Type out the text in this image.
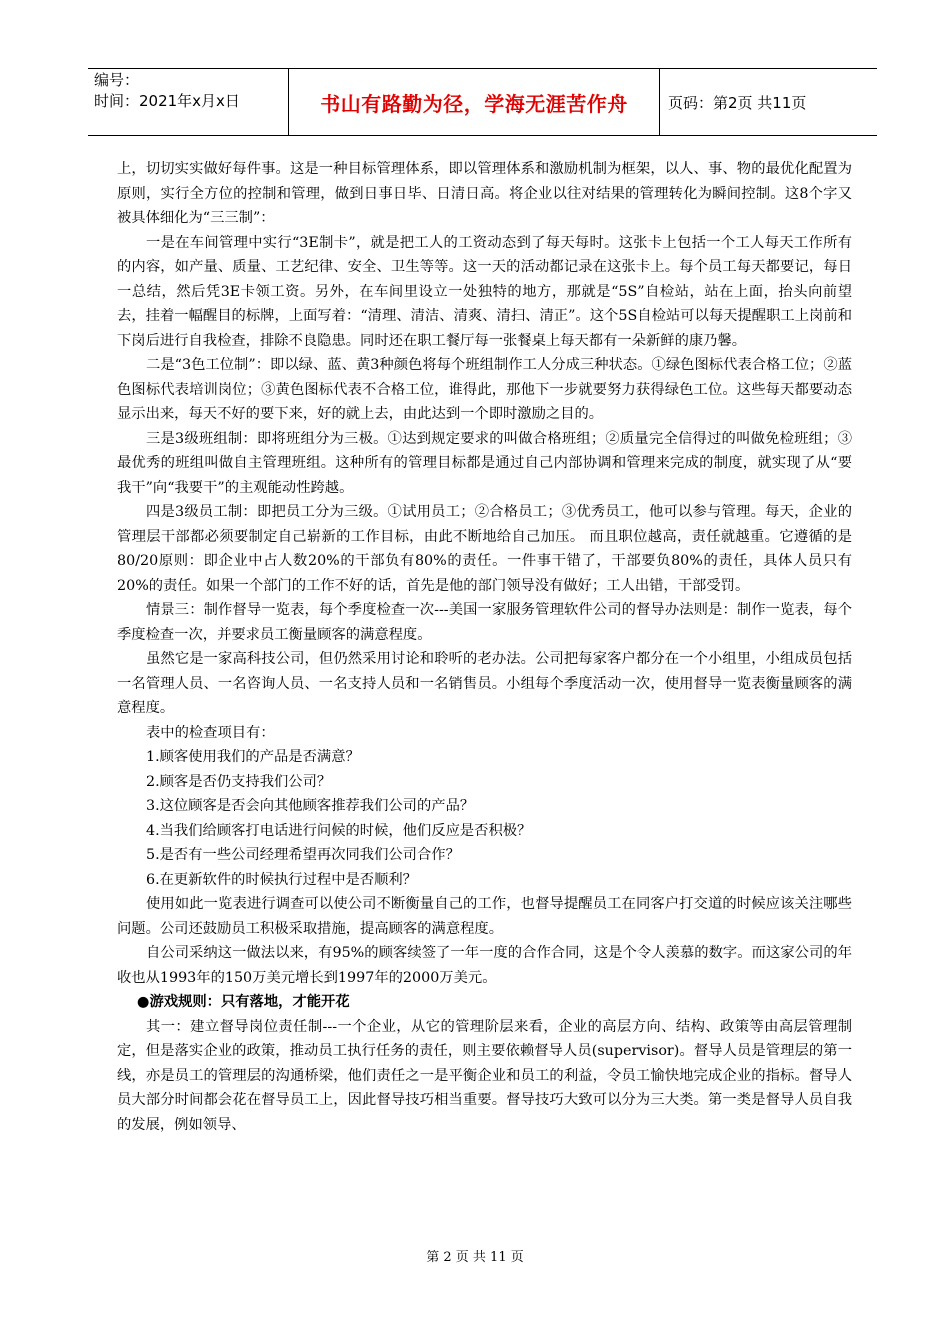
编号：
时间：2021年x月x日	书山有路勤为径，学海无涯苦作舟	页码：第2页 共11页

上，切切实实做好每件事。这是一种目标管理体系，即以管理体系和激励机制为框架，以人、事、物的最优化配置为原则，实行全方位的控制和管理，做到日事日毕、日清日高。将企业以往对结果的管理转化为瞬间控制。这8个字又被具体细化为“三三制”：

一是在车间管理中实行“3E制卡”，就是把工人的工资动态到了每天每时。这张卡上包括一个工人每天工作所有的内容，如产量、质量、工艺纪律、安全、卫生等等。这一天的活动都记录在这张卡上。每个员工每天都要记，每日一总结，然后凭3E卡领工资。另外，在车间里设立一处独特的地方，那就是“5S”自检站，站在上面，抬头向前望去，挂着一幅醒目的标牌，上面写着：“清理、清洁、清爽、清扫、清正”。这个5S自检站可以每天提醒职工上岗前和下岗后进行自我检查，排除不良隐患。同时还在职工餐厅每一张餐桌上每天都有一朵新鲜的康乃馨。

二是“3色工位制”：即以绿、蓝、黄3种颜色将每个班组制作工人分成三种状态。①绿色图标代表合格工位；②蓝色图标代表培训岗位；③黄色图标代表不合格工位，谁得此，那他下一步就要努力获得绿色工位。这些每天都要动态显示出来，每天不好的要下来，好的就上去，由此达到一个即时激励之目的。

三是3级班组制：即将班组分为三极。①达到规定要求的叫做合格班组；②质量完全信得过的叫做免检班组；③最优秀的班组叫做自主管理班组。这种所有的管理目标都是通过自己内部协调和管理来完成的制度，就实现了从“要我干”向“我要干”的主观能动性跨越。

四是3级员工制：即把员工分为三级。①试用员工；②合格员工；③优秀员工，他可以参与管理。每天，企业的管理层干部都必须要制定自己崭新的工作目标，由此不断地给自己加压。 而且职位越高，责任就越重。它遵循的是80/20原则：即企业中占人数20%的干部负有80%的责任。一件事干错了，干部要负80%的责任，具体人员只有20%的责任。如果一个部门的工作不好的话，首先是他的部门领导没有做好；工人出错，干部受罚。

情景三：制作督导一览表，每个季度检查一次---美国一家服务管理软件公司的督导办法则是：制作一览表，每个季度检查一次，并要求员工衡量顾客的满意程度。

虽然它是一家高科技公司，但仍然采用讨论和聆听的老办法。公司把每家客户都分在一个小组里，小组成员包括一名管理人员、一名咨询人员、一名支持人员和一名销售员。小组每个季度活动一次，使用督导一览表衡量顾客的满意程度。

表中的检查项目有：

1.顾客使用我们的产品是否满意？

2.顾客是否仍支持我们公司？

3.这位顾客是否会向其他顾客推荐我们公司的产品？

4.当我们给顾客打电话进行问候的时候，他们反应是否积极？

5.是否有一些公司经理希望再次同我们公司合作？

6.在更新软件的时候执行过程中是否顺利？

使用如此一览表进行调查可以使公司不断衡量自己的工作，也督导提醒员工在同客户打交道的时候应该关注哪些问题。公司还鼓励员工积极采取措施，提高顾客的满意程度。

自公司采纳这一做法以来，有95%的顾客续签了一年一度的合作合同，这是个令人羡慕的数字。而这家公司的年收也从1993年的150万美元增长到1997年的2000万美元。

●游戏规则：只有落地，才能开花

其一：建立督导岗位责任制---一个企业，从它的管理阶层来看，企业的高层方向、结构、政策等由高层管理制定，但是落实企业的政策，推动员工执行任务的责任，则主要依赖督导人员(supervisor)。督导人员是管理层的第一线，亦是员工的管理层的沟通桥梁，他们责任之一是平衡企业和员工的利益，令员工愉快地完成企业的指标。督导人员大部分时间都会花在督导员工上，因此督导技巧相当重要。督导技巧大致可以分为三大类。第一类是督导人员自我的发展，例如领导、

第 2 页 共 11 页
